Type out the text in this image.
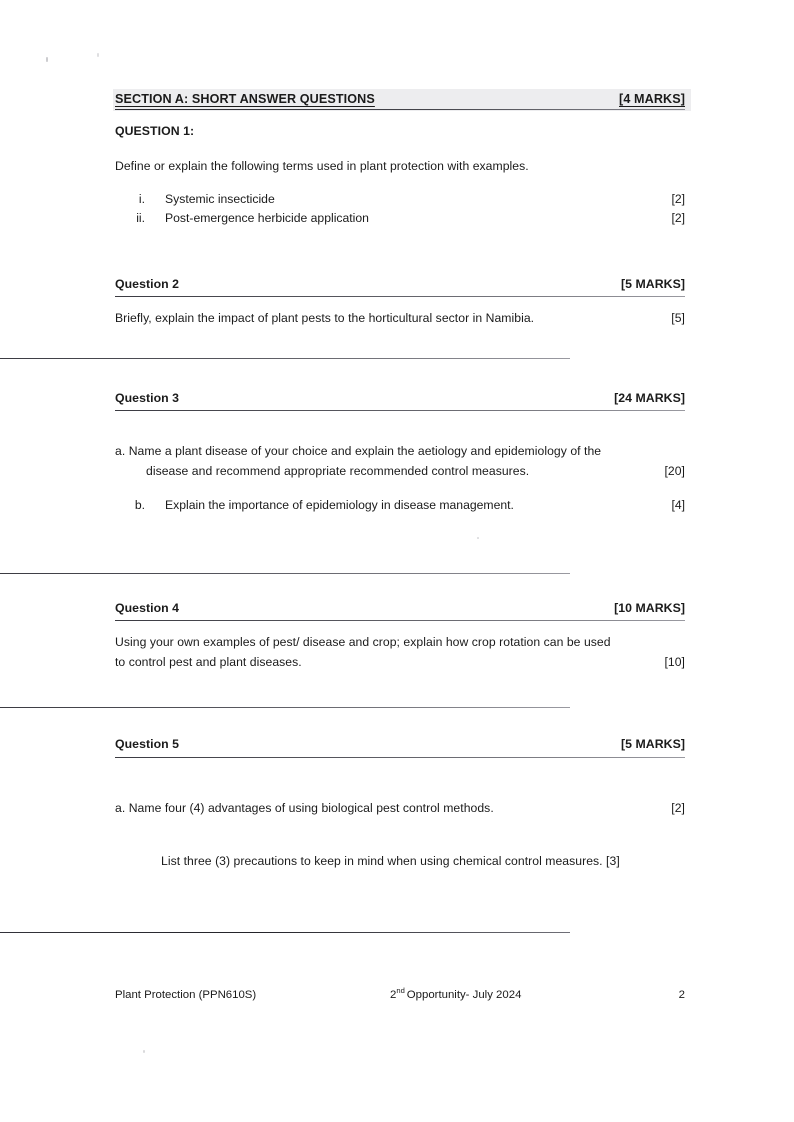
SECTION A: SHORT ANSWER QUESTIONS	[4 MARKS]
QUESTION 1:
Define or explain the following terms used in plant protection with examples.
i.	Systemic insecticide	[2]
ii.	Post-emergence herbicide application	[2]
Question 2	[5 MARKS]
Briefly, explain the impact of plant pests to the horticultural sector in Namibia.	[5]
Question 3	[24 MARKS]
a. Name a plant disease of your choice and explain the aetiology and epidemiology of the
disease and recommend appropriate recommended control measures.	[20]
b.	Explain the importance of epidemiology in disease management.	[4]
Question 4	[10 MARKS]
Using your own examples of pest/ disease and crop; explain how crop rotation can be used
to control pest and plant diseases.	[10]
Question 5	[5 MARKS]
a. Name four (4) advantages of using biological pest control methods.	[2]
List three (3) precautions to keep in mind when using chemical control measures. [3]
Plant Protection (PPN610S)	2nd Opportunity- July 2024	2
